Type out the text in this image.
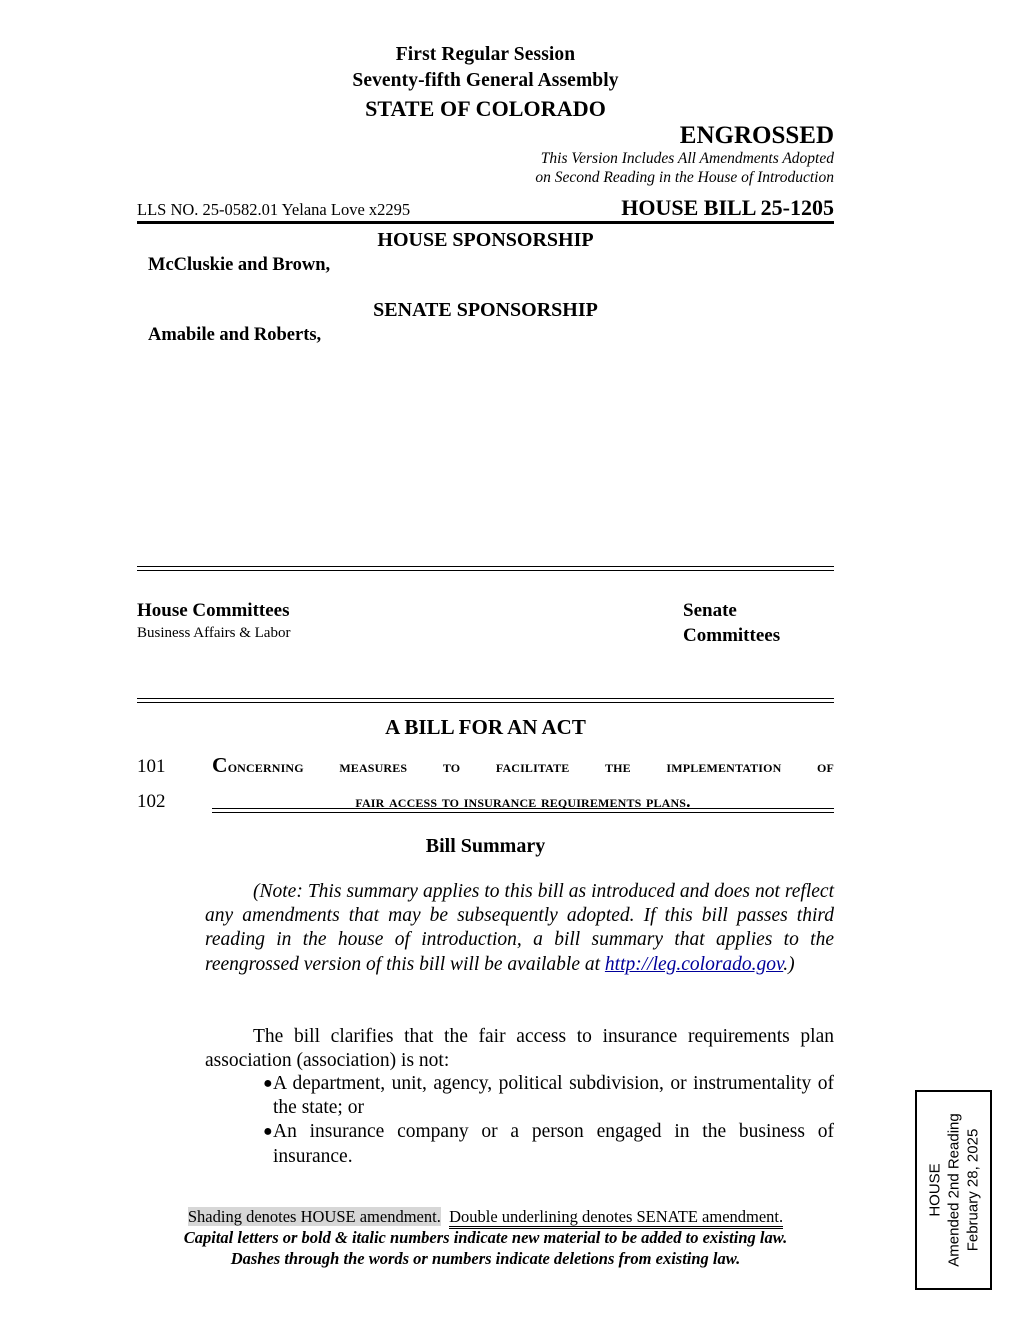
First Regular Session
Seventy-fifth General Assembly
STATE OF COLORADO
ENGROSSED
This Version Includes All Amendments Adopted
on Second Reading in the House of Introduction
LLS NO. 25-0582.01 Yelana Love x2295	HOUSE BILL 25-1205
HOUSE SPONSORSHIP
McCluskie and Brown,
SENATE SPONSORSHIP
Amabile and Roberts,
House Committees
Business Affairs & Labor
Senate Committees
A BILL FOR AN ACT
101	Concerning measures to facilitate the implementation of
102	fair access to insurance requirements plans.
Bill Summary
(Note: This summary applies to this bill as introduced and does not reflect any amendments that may be subsequently adopted. If this bill passes third reading in the house of introduction, a bill summary that applies to the reengrossed version of this bill will be available at http://leg.colorado.gov.)
The bill clarifies that the fair access to insurance requirements plan association (association) is not:
● A department, unit, agency, political subdivision, or instrumentality of the state; or
● An insurance company or a person engaged in the business of insurance.
Shading denotes HOUSE amendment. Double underlining denotes SENATE amendment.
Capital letters or bold & italic numbers indicate new material to be added to existing law.
Dashes through the words or numbers indicate deletions from existing law.
HOUSE Amended 2nd Reading February 28, 2025
